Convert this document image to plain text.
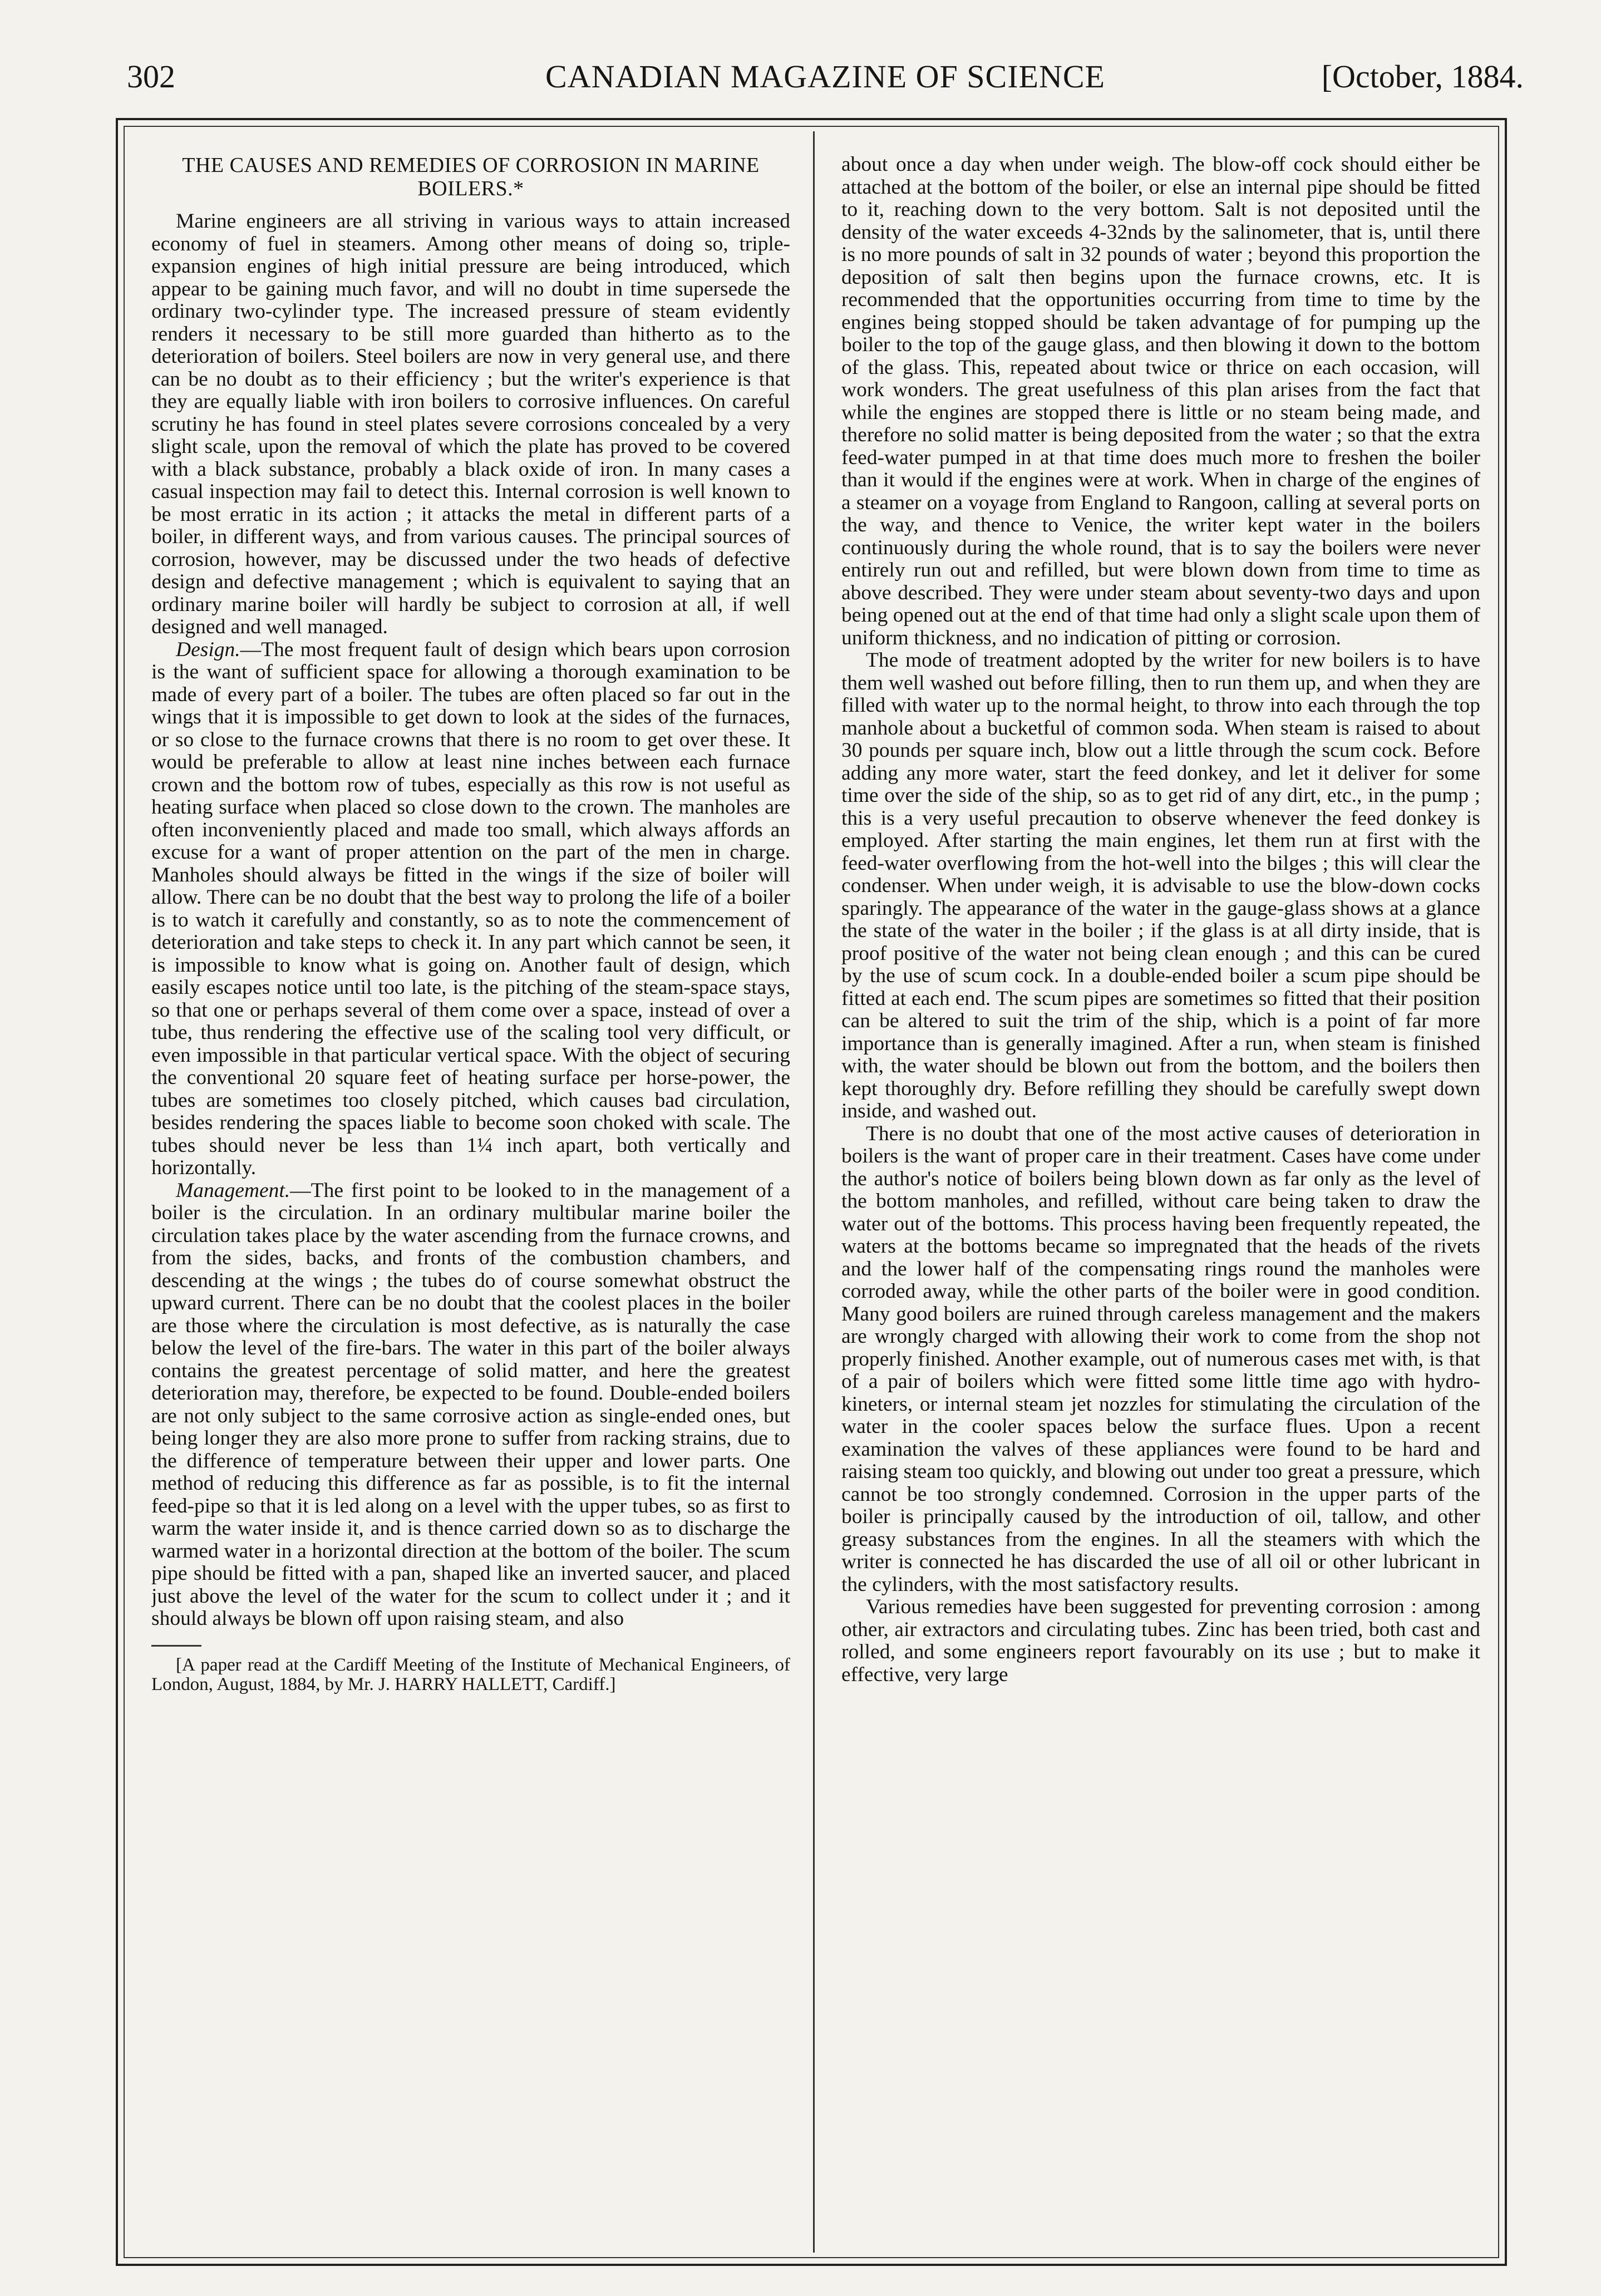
302	CANADIAN MAGAZINE OF SCIENCE	[October, 1884.
THE CAUSES AND REMEDIES OF CORROSION IN MARINE BOILERS.*

Marine engineers are all striving in various ways to attain increased economy of fuel in steamers. Among other means of doing so, triple-expansion engines of high initial pressure are being introduced, which appear to be gaining much favor, and will no doubt in time supersede the ordinary two-cylinder type. The increased pressure of steam evidently renders it necessary to be still more guarded than hitherto as to the deterioration of boilers. Steel boilers are now in very general use, and there can be no doubt as to their efficiency ; but the writer's experience is that they are equally liable with iron boilers to corrosive influences. On careful scrutiny he has found in steel plates severe corrosions concealed by a very slight scale, upon the removal of which the plate has proved to be covered with a black substance, probably a black oxide of iron. In many cases a casual inspection may fail to detect this. Internal corrosion is well known to be most erratic in its action ; it attacks the metal in different parts of a boiler, in different ways, and from various causes. The principal sources of corrosion, however, may be discussed under the two heads of defective design and defective management ; which is equivalent to saying that an ordinary marine boiler will hardly be subject to corrosion at all, if well designed and well managed.

Design.—The most frequent fault of design which bears upon corrosion is the want of sufficient space for allowing a thorough examination to be made of every part of a boiler. The tubes are often placed so far out in the wings that it is impossible to get down to look at the sides of the furnaces, or so close to the furnace crowns that there is no room to get over these. It would be preferable to allow at least nine inches between each furnace crown and the bottom row of tubes, especially as this row is not useful as heating surface when placed so close down to the crown. The manholes are often inconveniently placed and made too small, which always affords an excuse for a want of proper attention on the part of the men in charge. Manholes should always be fitted in the wings if the size of boiler will allow. There can be no doubt that the best way to prolong the life of a boiler is to watch it carefully and constantly, so as to note the commencement of deterioration and take steps to check it. In any part which cannot be seen, it is impossible to know what is going on. Another fault of design, which easily escapes notice until too late, is the pitching of the steam-space stays, so that one or perhaps several of them come over a space, instead of over a tube, thus rendering the effective use of the scaling tool very difficult, or even impossible in that particular vertical space. With the object of securing the conventional 20 square feet of heating surface per horse-power, the tubes are sometimes too closely pitched, which causes bad circulation, besides rendering the spaces liable to become soon choked with scale. The tubes should never be less than 1¼ inch apart, both vertically and horizontally.

Management.—The first point to be looked to in the management of a boiler is the circulation. In an ordinary multibular marine boiler the circulation takes place by the water ascending from the furnace crowns, and from the sides, backs, and fronts of the combustion chambers, and descending at the wings ; the tubes do of course somewhat obstruct the upward current. There can be no doubt that the coolest places in the boiler are those where the circulation is most defective, as is naturally the case below the level of the fire-bars. The water in this part of the boiler always contains the greatest percentage of solid matter, and here the greatest deterioration may, therefore, be expected to be found. Double-ended boilers are not only subject to the same corrosive action as single-ended ones, but being longer they are also more prone to suffer from racking strains, due to the difference of temperature between their upper and lower parts. One method of reducing this difference as far as possible, is to fit the internal feed-pipe so that it is led along on a level with the upper tubes, so as first to warm the water inside it, and is thence carried down so as to discharge the warmed water in a horizontal direction at the bottom of the boiler. The scum pipe should be fitted with a pan, shaped like an inverted saucer, and placed just above the level of the water for the scum to collect under it ; and it should always be blown off upon raising steam, and also

[A paper read at the Cardiff Meeting of the Institute of Mechanical Engineers, of London, August, 1884, by Mr. J. HARRY HALLETT, Cardiff.]

about once a day when under weigh. The blow-off cock should either be attached at the bottom of the boiler, or else an internal pipe should be fitted to it, reaching down to the very bottom. Salt is not deposited until the density of the water exceeds 4-32nds by the salinometer, that is, until there is no more pounds of salt in 32 pounds of water ; beyond this proportion the deposition of salt then begins upon the furnace crowns, etc. It is recommended that the opportunities occurring from time to time by the engines being stopped should be taken advantage of for pumping up the boiler to the top of the gauge glass, and then blowing it down to the bottom of the glass. This, repeated about twice or thrice on each occasion, will work wonders. The great usefulness of this plan arises from the fact that while the engines are stopped there is little or no steam being made, and therefore no solid matter is being deposited from the water ; so that the extra feed-water pumped in at that time does much more to freshen the boiler than it would if the engines were at work. When in charge of the engines of a steamer on a voyage from England to Rangoon, calling at several ports on the way, and thence to Venice, the writer kept water in the boilers continuously during the whole round, that is to say the boilers were never entirely run out and refilled, but were blown down from time to time as above described. They were under steam about seventy-two days and upon being opened out at the end of that time had only a slight scale upon them of uniform thickness, and no indication of pitting or corrosion.

The mode of treatment adopted by the writer for new boilers is to have them well washed out before filling, then to run them up, and when they are filled with water up to the normal height, to throw into each through the top manhole about a bucketful of common soda. When steam is raised to about 30 pounds per square inch, blow out a little through the scum cock. Before adding any more water, start the feed donkey, and let it deliver for some time over the side of the ship, so as to get rid of any dirt, etc., in the pump ; this is a very useful precaution to observe whenever the feed donkey is employed. After starting the main engines, let them run at first with the feed-water overflowing from the hot-well into the bilges ; this will clear the condenser. When under weigh, it is advisable to use the blow-down cocks sparingly. The appearance of the water in the gauge-glass shows at a glance the state of the water in the boiler ; if the glass is at all dirty inside, that is proof positive of the water not being clean enough ; and this can be cured by the use of scum cock. In a double-ended boiler a scum pipe should be fitted at each end. The scum pipes are sometimes so fitted that their position can be altered to suit the trim of the ship, which is a point of far more importance than is generally imagined. After a run, when steam is finished with, the water should be blown out from the bottom, and the boilers then kept thoroughly dry. Before refilling they should be carefully swept down inside, and washed out.

There is no doubt that one of the most active causes of deterioration in boilers is the want of proper care in their treatment. Cases have come under the author's notice of boilers being blown down as far only as the level of the bottom manholes, and refilled, without care being taken to draw the water out of the bottoms. This process having been frequently repeated, the waters at the bottoms became so impregnated that the heads of the rivets and the lower half of the compensating rings round the manholes were corroded away, while the other parts of the boiler were in good condition. Many good boilers are ruined through careless management and the makers are wrongly charged with allowing their work to come from the shop not properly finished. Another example, out of numerous cases met with, is that of a pair of boilers which were fitted some little time ago with hydro-kineters, or internal steam jet nozzles for stimulating the circulation of the water in the cooler spaces below the surface flues. Upon a recent examination the valves of these appliances were found to be hard and raising steam too quickly, and blowing out under too great a pressure, which cannot be too strongly condemned. Corrosion in the upper parts of the boiler is principally caused by the introduction of oil, tallow, and other greasy substances from the engines. In all the steamers with which the writer is connected he has discarded the use of all oil or other lubricant in the cylinders, with the most satisfactory results.

Various remedies have been suggested for preventing corrosion : among other, air extractors and circulating tubes. Zinc has been tried, both cast and rolled, and some engineers report favourably on its use ; but to make it effective, very large
